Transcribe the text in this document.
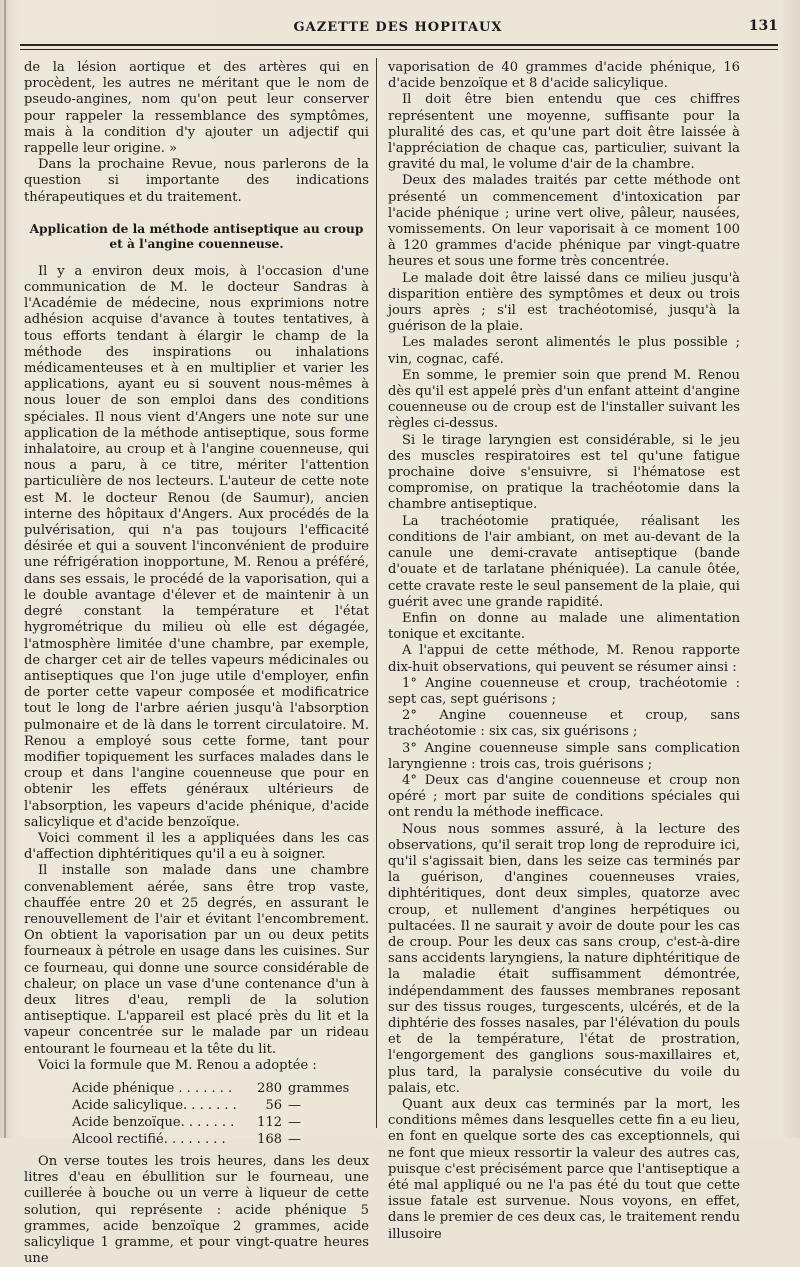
GAZETTE DES HOPITAUX	131

de la lésion aortique et des artères qui en procèdent, les autres ne méritant que le nom de pseudo-angines, nom qu'on peut leur conserver pour rappeler la ressemblance des symptômes, mais à la condition d'y ajouter un adjectif qui rappelle leur origine. »

Dans la prochaine Revue, nous parlerons de la question si importante des indications thérapeutiques et du traitement.

Application de la méthode antiseptique au croup
et à l'angine couenneuse.

Il y a environ deux mois, à l'occasion d'une communication de M. le docteur Sandras à l'Académie de médecine, nous exprimions notre adhésion acquise d'avance à toutes tentatives, à tous efforts tendant à élargir le champ de la méthode des inspirations ou inhalations médicamenteuses et à en multiplier et varier les applications, ayant eu si souvent nous-mêmes à nous louer de son emploi dans des conditions spéciales. Il nous vient d'Angers une note sur une application de la méthode antiseptique, sous forme inhalatoire, au croup et à l'angine couenneuse, qui nous a paru, à ce titre, mériter l'attention particulière de nos lecteurs. L'auteur de cette note est M. le docteur Renou (de Saumur), ancien interne des hôpitaux d'Angers. Aux procédés de la pulvérisation, qui n'a pas toujours l'efficacité désirée et qui a souvent l'inconvénient de produire une réfrigération inopportune, M. Renou a préféré, dans ses essais, le procédé de la vaporisation, qui a le double avantage d'élever et de maintenir à un degré constant la température et l'état hygrométrique du milieu où elle est dégagée, l'atmosphère limitée d'une chambre, par exemple, de charger cet air de telles vapeurs médicinales ou antiseptiques que l'on juge utile d'employer, enfin de porter cette vapeur composée et modificatrice tout le long de l'arbre aérien jusqu'à l'absorption pulmonaire et de là dans le torrent circulatoire. M. Renou a employé sous cette forme, tant pour modifier topiquement les surfaces malades dans le croup et dans l'angine couenneuse que pour en obtenir les effets généraux ultérieurs de l'absorption, les vapeurs d'acide phénique, d'acide salicylique et d'acide benzoïque.

Voici comment il les a appliquées dans les cas d'affection diphtéritiques qu'il a eu à soigner.

Il installe son malade dans une chambre convenablement aérée, sans être trop vaste, chauffée entre 20 et 25 degrés, en assurant le renouvellement de l'air et évitant l'encombrement. On obtient la vaporisation par un ou deux petits fourneaux à pétrole en usage dans les cuisines. Sur ce fourneau, qui donne une source considérable de chaleur, on place un vase d'une contenance d'un à deux litres d'eau, rempli de la solution antiseptique. L'appareil est placé près du lit et la vapeur concentrée sur le malade par un rideau entourant le fourneau et la tête du lit.

Voici la formule que M. Renou a adoptée :

Acide phénique . . . . . . .	280 grammes
Acide salicylique. . . . . . .	56 —
Acide benzoïque. . . . . . .	112 —
Alcool rectifié. . . . . . . .	168 —

On verse toutes les trois heures, dans les deux litres d'eau en ébullition sur le fourneau, une cuillerée à bouche ou un verre à liqueur de cette solution, qui représente : acide phénique 5 grammes, acide benzoïque 2 grammes, acide salicylique 1 gramme, et pour vingt-quatre heures une

vaporisation de 40 grammes d'acide phénique, 16 d'acide benzoïque et 8 d'acide salicylique.

Il doit être bien entendu que ces chiffres représentent une moyenne, suffisante pour la pluralité des cas, et qu'une part doit être laissée à l'appréciation de chaque cas, particulier, suivant la gravité du mal, le volume d'air de la chambre.

Deux des malades traités par cette méthode ont présenté un commencement d'intoxication par l'acide phénique ; urine vert olive, pâleur, nausées, vomissements. On leur vaporisait à ce moment 100 à 120 grammes d'acide phénique par vingt-quatre heures et sous une forme très concentrée.

Le malade doit être laissé dans ce milieu jusqu'à disparition entière des symptômes et deux ou trois jours après ; s'il est trachéotomisé, jusqu'à la guérison de la plaie.

Les malades seront alimentés le plus possible ; vin, cognac, café.

En somme, le premier soin que prend M. Renou dès qu'il est appelé près d'un enfant atteint d'angine couenneuse ou de croup est de l'installer suivant les règles ci-dessus.

Si le tirage laryngien est considérable, si le jeu des muscles respiratoires est tel qu'une fatigue prochaine doive s'ensuivre, si l'hématose est compromise, on pratique la trachéotomie dans la chambre antiseptique.

La trachéotomie pratiquée, réalisant les conditions de l'air ambiant, on met au-devant de la canule une demi-cravate antiseptique (bande d'ouate et de tarlatane phéniquée). La canule ôtée, cette cravate reste le seul pansement de la plaie, qui guérit avec une grande rapidité.

Enfin on donne au malade une alimentation tonique et excitante.

A l'appui de cette méthode, M. Renou rapporte dix-huit observations, qui peuvent se résumer ainsi :

1° Angine couenneuse et croup, trachéotomie : sept cas, sept guérisons ;

2° Angine couenneuse et croup, sans trachéotomie : six cas, six guérisons ;

3° Angine couenneuse simple sans complication laryngienne : trois cas, trois guérisons ;

4° Deux cas d'angine couenneuse et croup non opéré ; mort par suite de conditions spéciales qui ont rendu la méthode inefficace.

Nous nous sommes assuré, à la lecture des observations, qu'il serait trop long de reproduire ici, qu'il s'agissait bien, dans les seize cas terminés par la guérison, d'angines couenneuses vraies, diphtéritiques, dont deux simples, quatorze avec croup, et nullement d'angines herpétiques ou pultacées. Il ne saurait y avoir de doute pour les cas de croup. Pour les deux cas sans croup, c'est-à-dire sans accidents laryngiens, la nature diphtéritique de la maladie était suffisamment démontrée, indépendamment des fausses membranes reposant sur des tissus rouges, turgescents, ulcérés, et de la diphtérie des fosses nasales, par l'élévation du pouls et de la température, l'état de prostration, l'engorgement des ganglions sous-maxillaires et, plus tard, la paralysie consécutive du voile du palais, etc.

Quant aux deux cas terminés par la mort, les conditions mêmes dans lesquelles cette fin a eu lieu, en font en quelque sorte des cas exceptionnels, qui ne font que mieux ressortir la valeur des autres cas, puisque c'est précisément parce que l'antiseptique a été mal appliqué ou ne l'a pas été du tout que cette issue fatale est survenue. Nous voyons, en effet, dans le premier de ces deux cas, le traitement rendu illusoire
